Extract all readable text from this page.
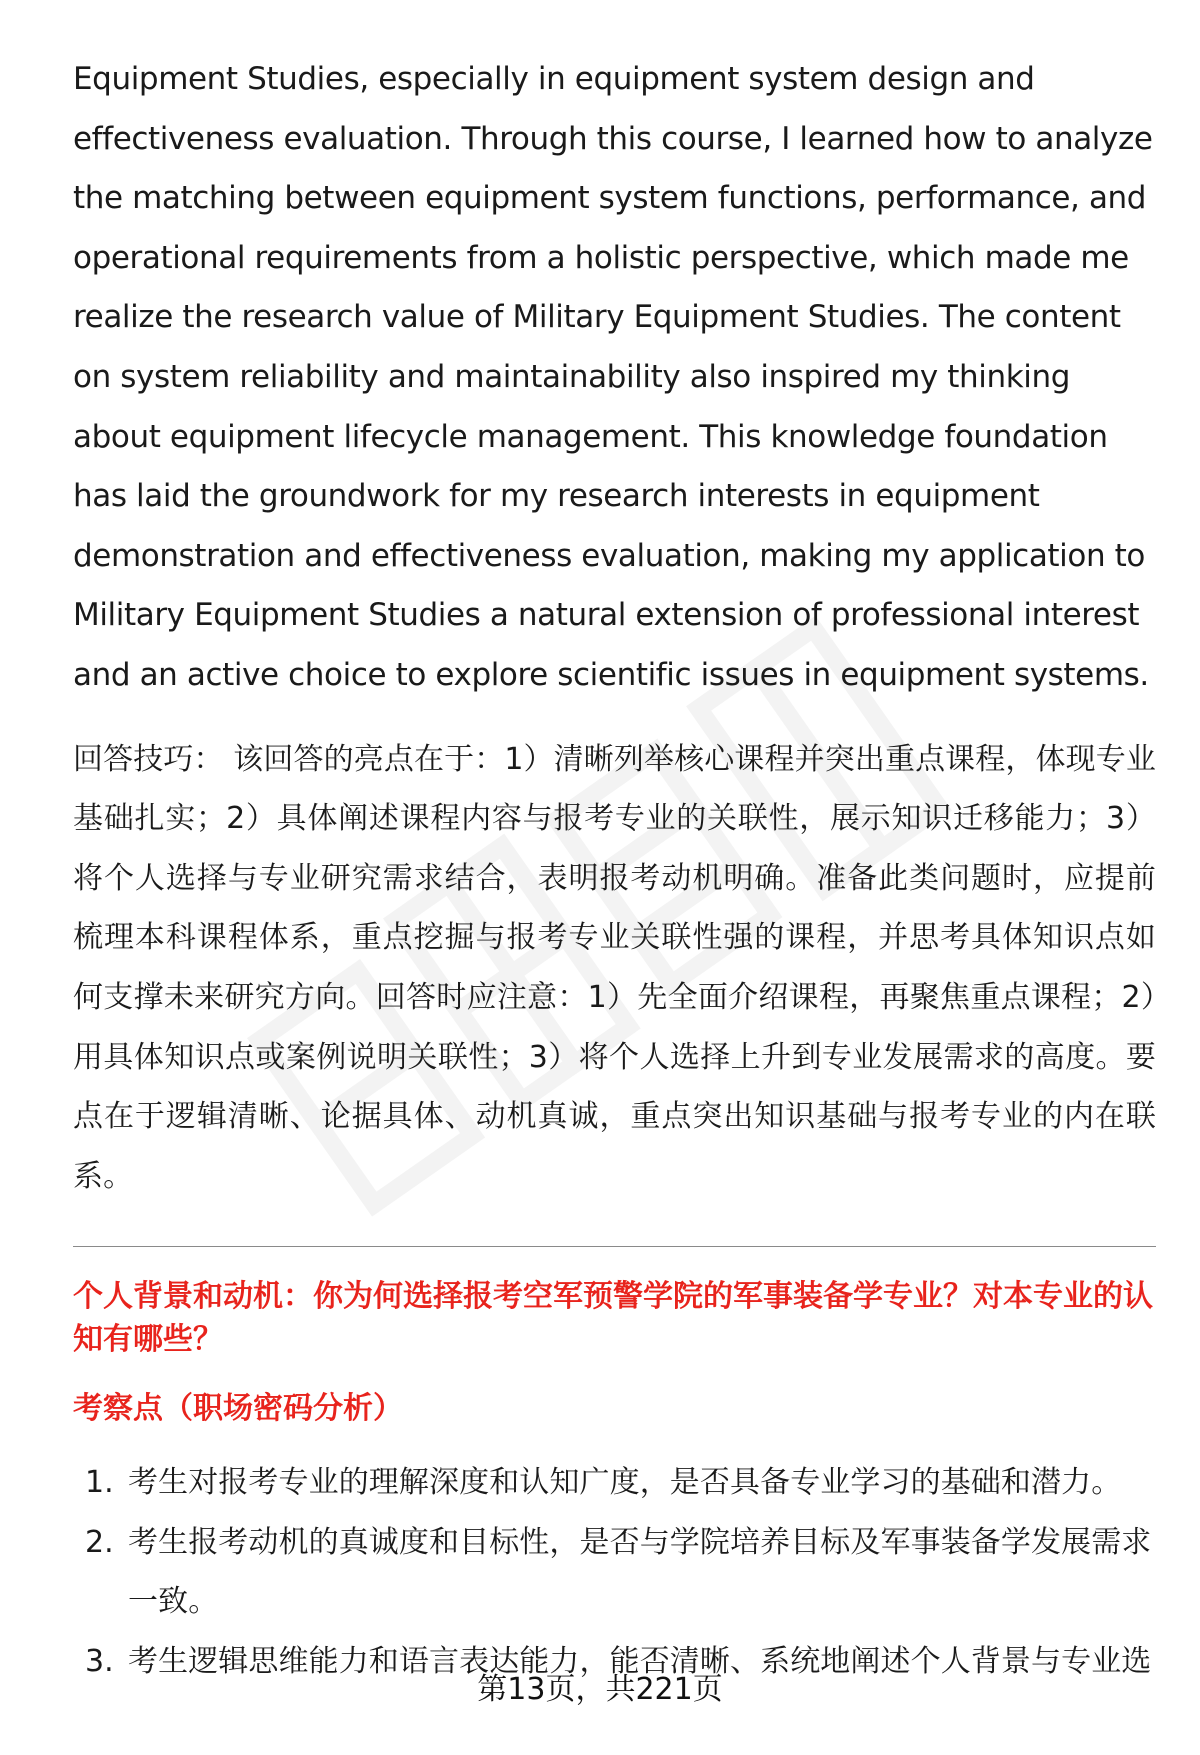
Equipment Studies, especially in equipment system design and effectiveness evaluation. Through this course, I learned how to analyze the matching between equipment system functions, performance, and operational requirements from a holistic perspective, which made me realize the research value of Military Equipment Studies. The content on system reliability and maintainability also inspired my thinking about equipment lifecycle management. This knowledge foundation has laid the groundwork for my research interests in equipment demonstration and effectiveness evaluation, making my application to Military Equipment Studies a natural extension of professional interest and an active choice to explore scientific issues in equipment systems.

回答技巧： 该回答的亮点在于：1）清晰列举核心课程并突出重点课程，体现专业基础扎实；2）具体阐述课程内容与报考专业的关联性，展示知识迁移能力；3）将个人选择与专业研究需求结合，表明报考动机明确。准备此类问题时，应提前梳理本科课程体系，重点挖掘与报考专业关联性强的课程，并思考具体知识点如何支撑未来研究方向。回答时应注意：1）先全面介绍课程，再聚焦重点课程；2）用具体知识点或案例说明关联性；3）将个人选择上升到专业发展需求的高度。要点在于逻辑清晰、论据具体、动机真诚，重点突出知识基础与报考专业的内在联系。

个人背景和动机：你为何选择报考空军预警学院的军事装备学专业？对本专业的认知有哪些？
考察点（职场密码分析）
1. 考生对报考专业的理解深度和认知广度，是否具备专业学习的基础和潜力。
2. 考生报考动机的真诚度和目标性，是否与学院培养目标及军事装备学发展需求一致。
3. 考生逻辑思维能力和语言表达能力，能否清晰、系统地阐述个人背景与专业选
第13页，共221页
